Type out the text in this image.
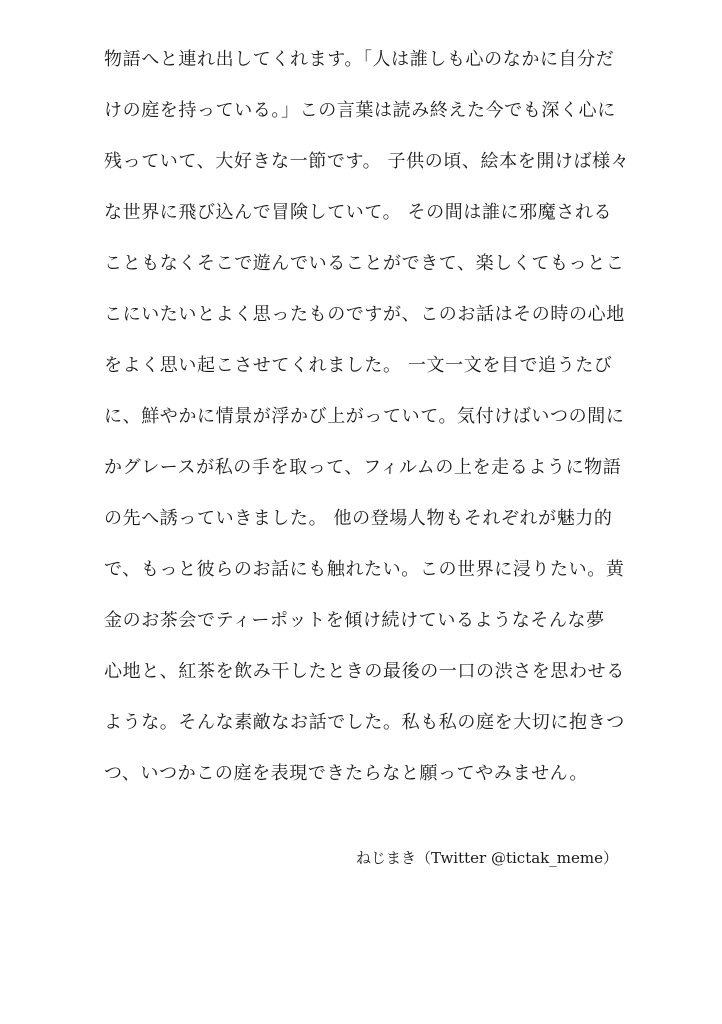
物語へと連れ出してくれます。「人は誰しも心のなかに自分だ
けの庭を持っている。」この言葉は読み終えた今でも深く心に
残っていて、大好きな一節です。 子供の頃、絵本を開けば様々
な世界に飛び込んで冒険していて。 その間は誰に邪魔される
こともなくそこで遊んでいることができて、楽しくてもっとこ
こにいたいとよく思ったものですが、このお話はその時の心地
をよく思い起こさせてくれました。 一文一文を目で追うたび
に、鮮やかに情景が浮かび上がっていて。気付けばいつの間に
かグレースが私の手を取って、フィルムの上を走るように物語
の先へ誘っていきました。 他の登場人物もそれぞれが魅力的
で、もっと彼らのお話にも触れたい。この世界に浸りたい。黄
金のお茶会でティーポットを傾け続けているようなそんな夢
心地と、紅茶を飲み干したときの最後の一口の渋さを思わせる
ような。そんな素敵なお話でした。私も私の庭を大切に抱きつ
つ、いつかこの庭を表現できたらなと願ってやみません。
ねじまき（Twitter @tictak_meme）
